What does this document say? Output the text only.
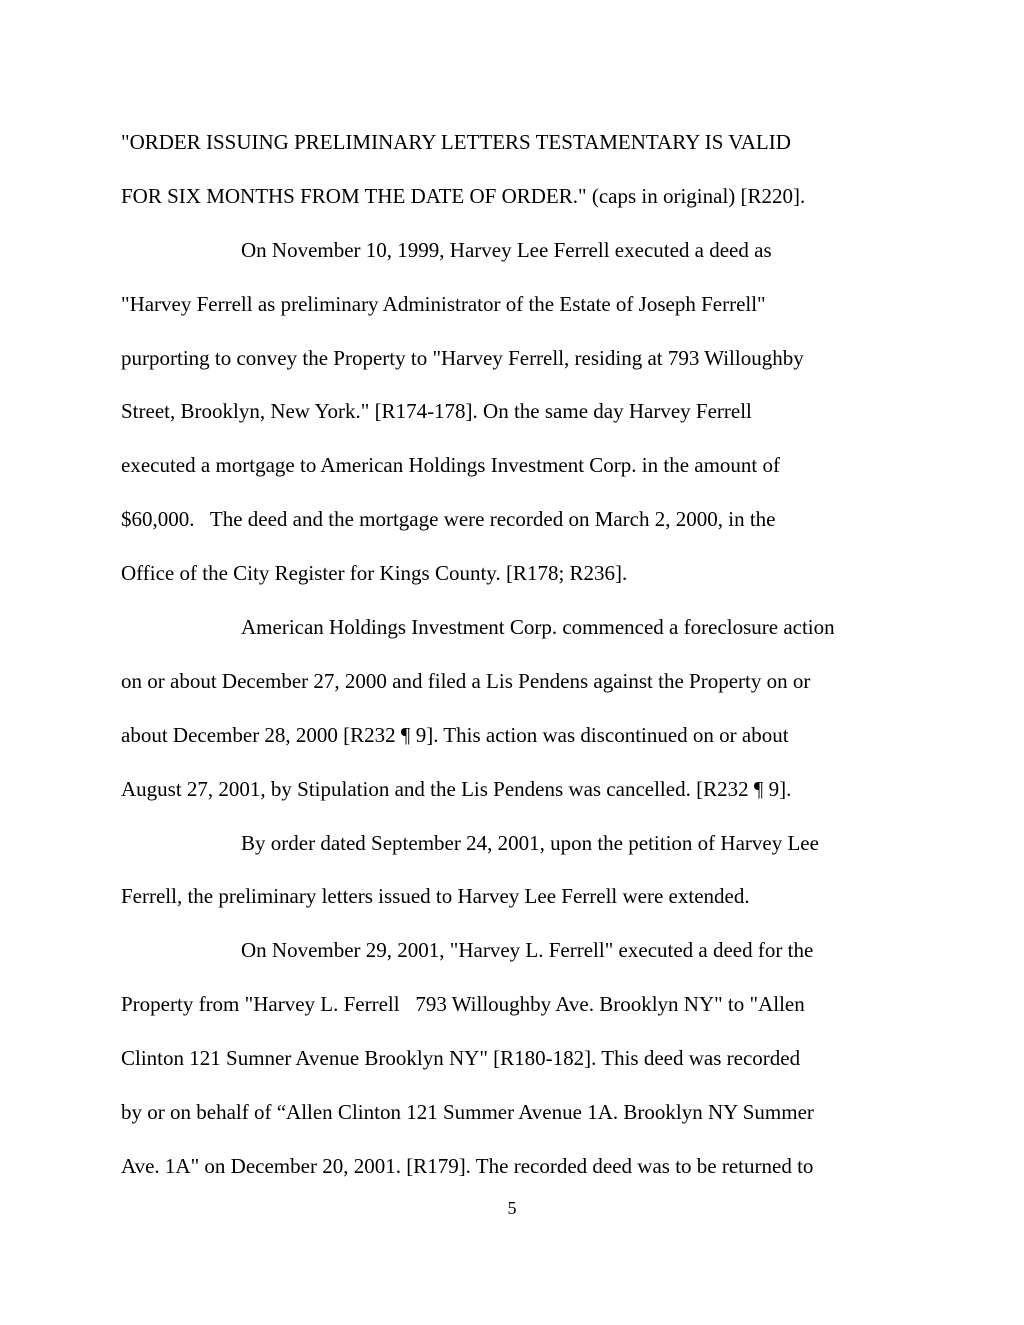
"ORDER ISSUING PRELIMINARY LETTERS TESTAMENTARY IS VALID
FOR SIX MONTHS FROM THE DATE OF ORDER." (caps in original) [R220].
On November 10, 1999, Harvey Lee Ferrell executed a deed as
"Harvey Ferrell as preliminary Administrator of the Estate of Joseph Ferrell"
purporting to convey the Property to "Harvey Ferrell, residing at 793 Willoughby
Street, Brooklyn, New York." [R174-178]. On the same day Harvey Ferrell
executed a mortgage to American Holdings Investment Corp. in the amount of
$60,000.   The deed and the mortgage were recorded on March 2, 2000, in the
Office of the City Register for Kings County. [R178; R236].
American Holdings Investment Corp. commenced a foreclosure action
on or about December 27, 2000 and filed a Lis Pendens against the Property on or
about December 28, 2000 [R232 ¶ 9]. This action was discontinued on or about
August 27, 2001, by Stipulation and the Lis Pendens was cancelled. [R232 ¶ 9].
By order dated September 24, 2001, upon the petition of Harvey Lee
Ferrell, the preliminary letters issued to Harvey Lee Ferrell were extended.
On November 29, 2001, "Harvey L. Ferrell" executed a deed for the
Property from "Harvey L. Ferrell   793 Willoughby Ave. Brooklyn NY" to "Allen
Clinton 121 Sumner Avenue Brooklyn NY" [R180-182]. This deed was recorded
by or on behalf of “Allen Clinton 121 Summer Avenue 1A. Brooklyn NY Summer
Ave. 1A" on December 20, 2001. [R179]. The recorded deed was to be returned to
5
